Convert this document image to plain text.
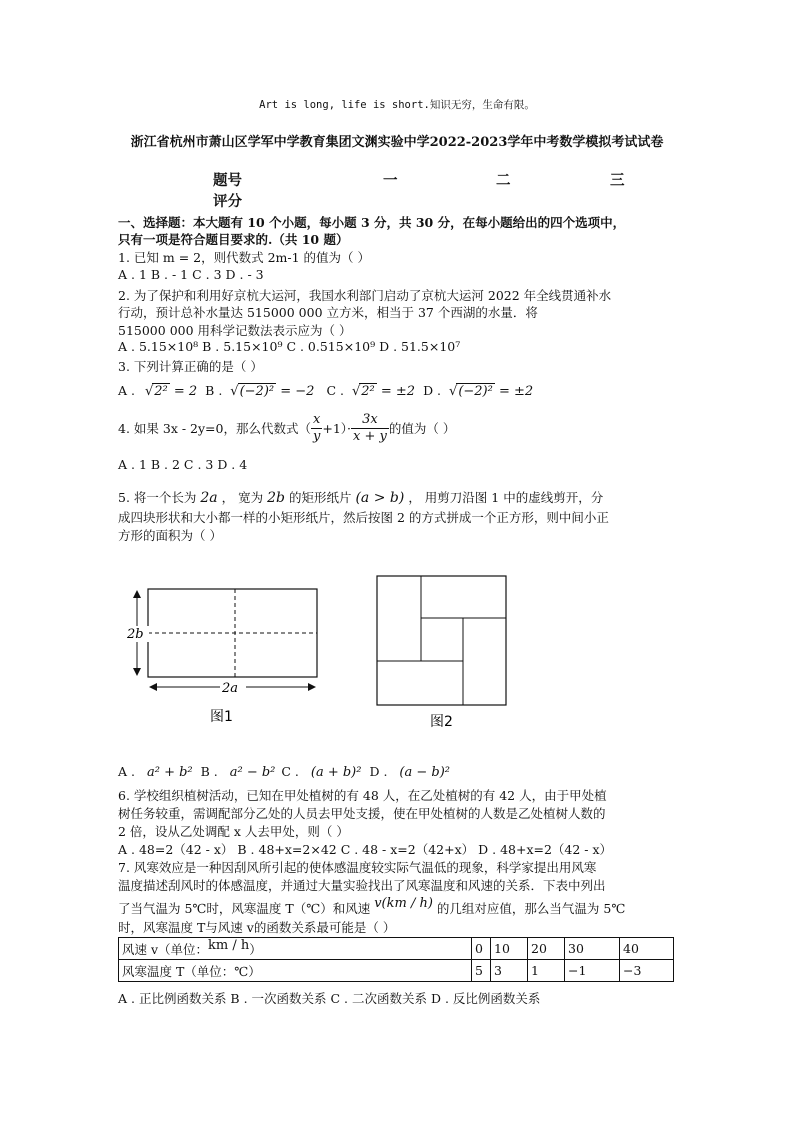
Art is long, life is short.知识无穷，生命有限。
浙江省杭州市萧山区学军中学教育集团文渊实验中学2022-2023学年中考数学模拟考试试卷
题号	一	二	三
评分
一、选择题：本大题有 10 个小题，每小题 3 分，共 30 分，在每小题给出的四个选项中，
只有一项是符合题目要求的.（共 10 题）
1. 已知 m = 2，则代数式 2m-1 的值为（ ）
A . 1 B . - 1 C . 3 D . - 3
2. 为了保护和利用好京杭大运河，我国水利部门启动了京杭大运河 2022 年全线贯通补水
行动，预计总补水量达 515000 000 立方米，相当于 37 个西湖的水量．将
515000 000 用科学记数法表示应为（ ）
A . 5.15×10⁸ B . 5.15×10⁹ C . 0.515×10⁹ D . 51.5×10⁷
3. 下列计算正确的是（ ）
A . √2² = 2 B . √(−2)² = −2 C . √2² = ±2 D . √(−2)² = ±2
4. 如果 3x - 2y=0，那么代数式（ $\frac{x}{y} +1)\cdot \frac{3x}{x + y}$ 的值为（ ）
A . 1 B . 2 C . 3 D . 4
5. 将一个长为 2a ， 宽为 2b 的矩形纸片 (a > b) ， 用剪刀沿图 1 中的虚线剪开，分
成四块形状和大小都一样的小矩形纸片，然后按图 2 的方式拼成一个正方形，则中间小正
方形的面积为（ ）
2b
2a
图1	图2
A . a² + b² B . a² − b² C . (a + b)² D . (a − b)²
6. 学校组织植树活动，已知在甲处植树的有 48 人，在乙处植树的有 42 人，由于甲处植
树任务较重，需调配部分乙处的人员去甲处支援，使在甲处植树的人数是乙处植树人数的
2 倍，设从乙处调配 x 人去甲处，则（ ）
A . 48=2（42 - x） B . 48+x=2×42 C . 48 - x=2（42+x） D . 48+x=2（42 - x）
7. 风寒效应是一种因刮风所引起的使体感温度较实际气温低的现象，科学家提出用风寒
温度描述刮风时的体感温度，并通过大量实验找出了风寒温度和风速的关系．下表中列出
了当气温为 5℃时，风寒温度 T（℃）和风速 v(km / h) 的几组对应值，那么当气温为 5℃
时，风寒温度 T与风速 v的函数关系最可能是（ ）
风速 v（单位：km / h）	0	10	20	30	40
风寒温度 T（单位：℃）	5	3	1	−1	−3
A . 正比例函数关系 B . 一次函数关系 C . 二次函数关系 D . 反比例函数关系
